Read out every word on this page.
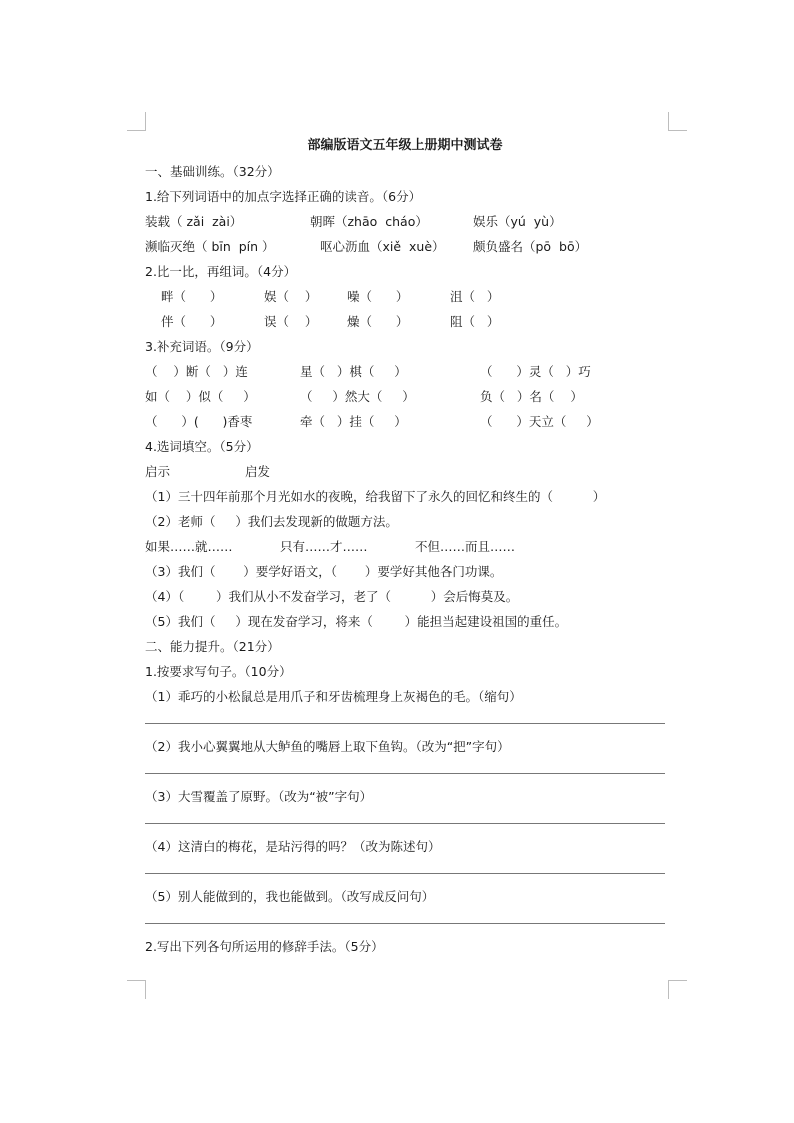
部编版语文五年级上册期中测试卷
一、基础训练。（32分）
1.给下列词语中的加点字选择正确的读音。（6分）
装载（ zǎi  zài）	朝晖（zhāo  cháo）	娱乐（yú  yù）
濒临灭绝（ bīn  pín ）	呕心沥血（xiě  xuè）	颇负盛名（pō  bō）
2.比一比，再组词。（4分）
畔（      ）	娱（    ）	噪（      ）	沮（   ）
伴（      ）	误（    ）	燥（      ）	阻（   ）
3.补充词语。（9分）
（    ）断（   ）连	星（   ）棋（     ）	（      ）灵（   ）巧
如（    ）似（     ）	（     ）然大（     ）	负（   ）名（    ）
（      ）(      )香枣	牵（   ）挂（     ）	（      ）天立（     ）
4.选词填空。（5分）
启示	启发
（1）三十四年前那个月光如水的夜晚，给我留下了永久的回忆和终生的（          ）
（2）老师（     ）我们去发现新的做题方法。
如果……就……	只有……才……	不但……而且……
（3）我们（       ）要学好语文，（       ）要学好其他各门功课。
（4）（        ）我们从小不发奋学习，老了（          ）会后悔莫及。
（5）我们（     ）现在发奋学习，将来（        ）能担当起建设祖国的重任。
二、能力提升。（21分）
1.按要求写句子。（10分）
（1）乖巧的小松鼠总是用爪子和牙齿梳理身上灰褐色的毛。（缩句）
（2）我小心翼翼地从大鲈鱼的嘴唇上取下鱼钩。（改为“把”字句）
（3）大雪覆盖了原野。（改为“被”字句）
（4）这清白的梅花，是玷污得的吗？（改为陈述句）
（5）别人能做到的，我也能做到。（改写成反问句）
2.写出下列各句所运用的修辞手法。（5分）
